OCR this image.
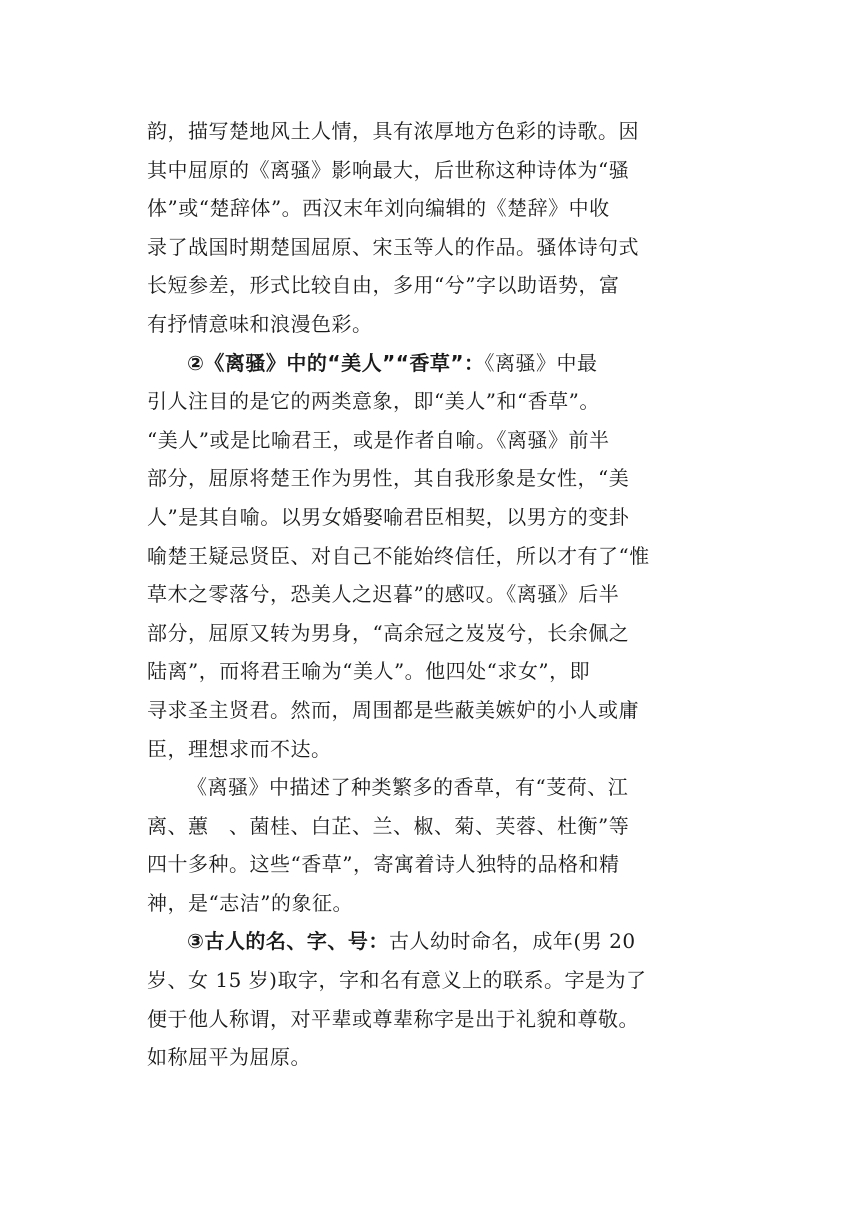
韵，描写楚地风土人情，具有浓厚地方色彩的诗歌。因
其中屈原的《离骚》影响最大，后世称这种诗体为“骚
体”或“楚辞体”。西汉末年刘向编辑的《楚辞》中收
录了战国时期楚国屈原、宋玉等人的作品。骚体诗句式
长短参差，形式比较自由，多用“兮”字以助语势，富
有抒情意味和浪漫色彩。
②《离骚》中的“美人”“香草”：《离骚》中最
引人注目的是它的两类意象，即“美人”和“香草”。
“美人”或是比喻君王，或是作者自喻。《离骚》前半
部分，屈原将楚王作为男性，其自我形象是女性，“美
人”是其自喻。以男女婚娶喻君臣相契，以男方的变卦
喻楚王疑忌贤臣、对自己不能始终信任，所以才有了“惟
草木之零落兮，恐美人之迟暮”的感叹。《离骚》后半
部分，屈原又转为男身，“高余冠之岌岌兮，长余佩之
陆离”，而将君王喻为“美人”。他四处“求女”，即
寻求圣主贤君。然而，周围都是些蔽美嫉妒的小人或庸
臣，理想求而不达。
《离骚》中描述了种类繁多的香草，有“芰荷、江
离、蕙　、菌桂、白芷、兰、椒、菊、芙蓉、杜衡”等
四十多种。这些“香草”，寄寓着诗人独特的品格和精
神，是“志洁”的象征。
③古人的名、字、号：古人幼时命名，成年(男 20
岁、女 15 岁)取字，字和名有意义上的联系。字是为了
便于他人称谓，对平辈或尊辈称字是出于礼貌和尊敬。
如称屈平为屈原。
